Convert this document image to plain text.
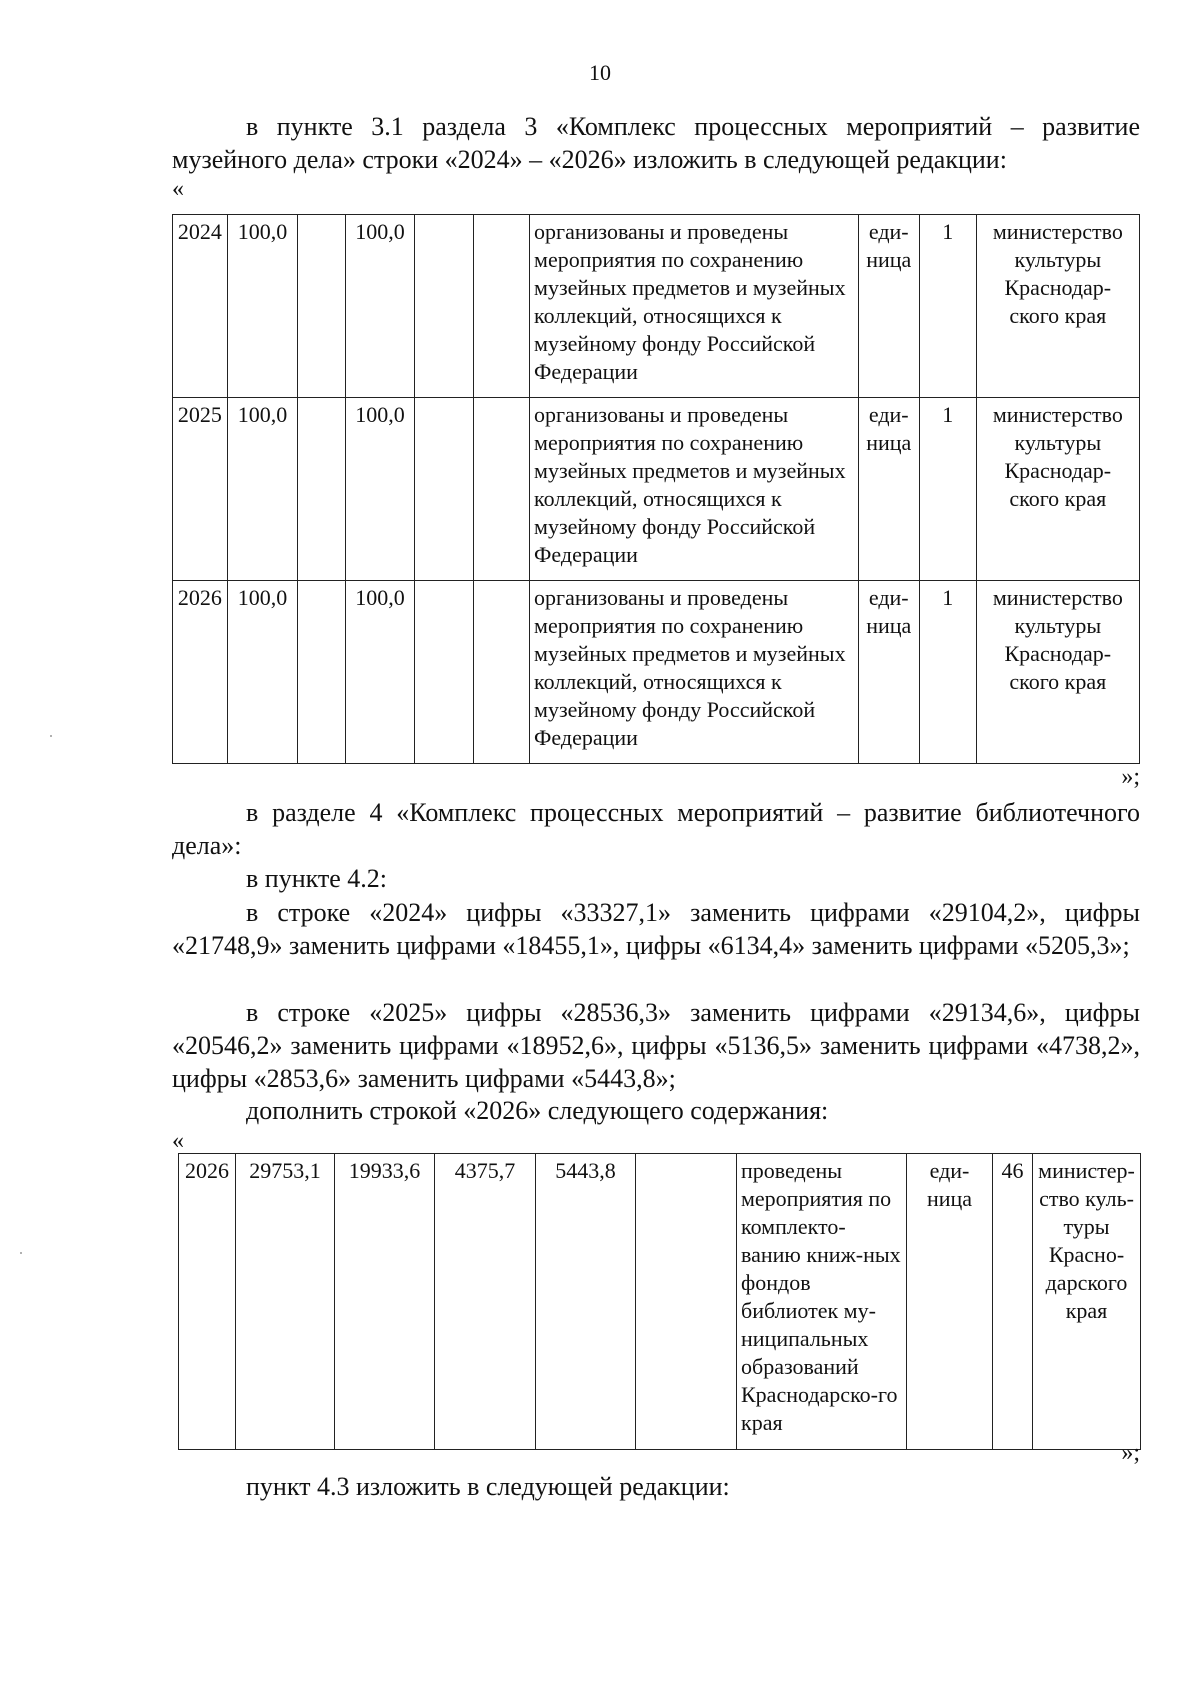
10

в пункте 3.1 раздела 3 «Комплекс процессных мероприятий – развитие музейного дела» строки «2024» – «2026» изложить в следующей редакции:

«
2024	100,0		100,0			организованы и проведены мероприятия по сохранению музейных предметов и музейных коллекций, относящихся к музейному фонду Российской Федерации	еди-ница	1	министерство культуры Краснодар-ского края
2025	100,0		100,0			организованы и проведены мероприятия по сохранению музейных предметов и музейных коллекций, относящихся к музейному фонду Российской Федерации	еди-ница	1	министерство культуры Краснодар-ского края
2026	100,0		100,0			организованы и проведены мероприятия по сохранению музейных предметов и музейных коллекций, относящихся к музейному фонду Российской Федерации	еди-ница	1	министерство культуры Краснодар-ского края
»;

в разделе 4 «Комплекс процессных мероприятий – развитие библиотечного дела»:

в пункте 4.2:

в строке «2024» цифры «33327,1» заменить цифрами «29104,2», цифры «21748,9» заменить цифрами «18455,1», цифры «6134,4» заменить цифрами «5205,3»;

в строке «2025» цифры «28536,3» заменить цифрами «29134,6», цифры «20546,2» заменить цифрами «18952,6», цифры «5136,5» заменить цифрами «4738,2», цифры «2853,6» заменить цифрами «5443,8»;

дополнить строкой «2026» следующего содержания:

«
2026	29753,1	19933,6	4375,7	5443,8		проведены мероприятия по комплекто-ванию книж-ных фондов библиотек му-ниципальных образований Краснодарско-го края	еди-ница	46	министер-ство куль-туры Красно-дарского края
»;

пункт 4.3 изложить в следующей редакции:
